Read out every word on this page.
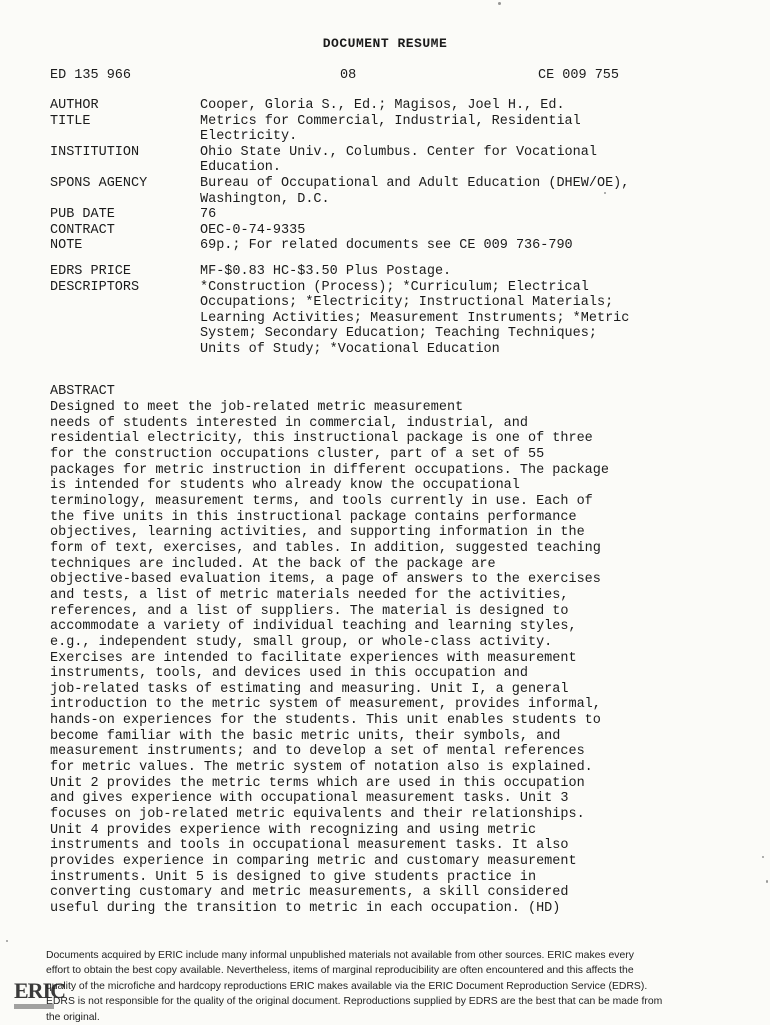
DOCUMENT RESUME
ED 135 966	08	CE 009 755
AUTHOR	Cooper, Gloria S., Ed.; Magisos, Joel H., Ed.
TITLE	Metrics for Commercial, Industrial, Residential
Electricity.
INSTITUTION	Ohio State Univ., Columbus. Center for Vocational
Education.
SPONS AGENCY	Bureau of Occupational and Adult Education (DHEW/OE),
Washington, D.C.
PUB DATE	76
CONTRACT	OEC-0-74-9335
NOTE	69p.; For related documents see CE 009 736-790
EDRS PRICE	MF-$0.83 HC-$3.50 Plus Postage.
DESCRIPTORS	*Construction (Process); *Curriculum; Electrical
Occupations; *Electricity; Instructional Materials;
Learning Activities; Measurement Instruments; *Metric
System; Secondary Education; Teaching Techniques;
Units of Study; *Vocational Education
ABSTRACT
Designed to meet the job-related metric measurement
needs of students interested in commercial, industrial, and
residential electricity, this instructional package is one of three
for the construction occupations cluster, part of a set of 55
packages for metric instruction in different occupations. The package
is intended for students who already know the occupational
terminology, measurement terms, and tools currently in use. Each of
the five units in this instructional package contains performance
objectives, learning activities, and supporting information in the
form of text, exercises, and tables. In addition, suggested teaching
techniques are included. At the back of the package are
objective-based evaluation items, a page of answers to the exercises
and tests, a list of metric materials needed for the activities,
references, and a list of suppliers. The material is designed to
accommodate a variety of individual teaching and learning styles,
e.g., independent study, small group, or whole-class activity.
Exercises are intended to facilitate experiences with measurement
instruments, tools, and devices used in this occupation and
job-related tasks of estimating and measuring. Unit I, a general
introduction to the metric system of measurement, provides informal,
hands-on experiences for the students. This unit enables students to
become familiar with the basic metric units, their symbols, and
measurement instruments; and to develop a set of mental references
for metric values. The metric system of notation also is explained.
Unit 2 provides the metric terms which are used in this occupation
and gives experience with occupational measurement tasks. Unit 3
focuses on job-related metric equivalents and their relationships.
Unit 4 provides experience with recognizing and using metric
instruments and tools in occupational measurement tasks. It also
provides experience in comparing metric and customary measurement
instruments. Unit 5 is designed to give students practice in
converting customary and metric measurements, a skill considered
useful during the transition to metric in each occupation. (HD)
ERIC
Documents acquired by ERIC include many informal unpublished materials not available from other sources. ERIC makes every
effort to obtain the best copy available. Nevertheless, items of marginal reproducibility are often encountered and this affects the
quality of the microfiche and hardcopy reproductions ERIC makes available via the ERIC Document Reproduction Service (EDRS).
EDRS is not responsible for the quality of the original document. Reproductions supplied by EDRS are the best that can be made from
the original.
